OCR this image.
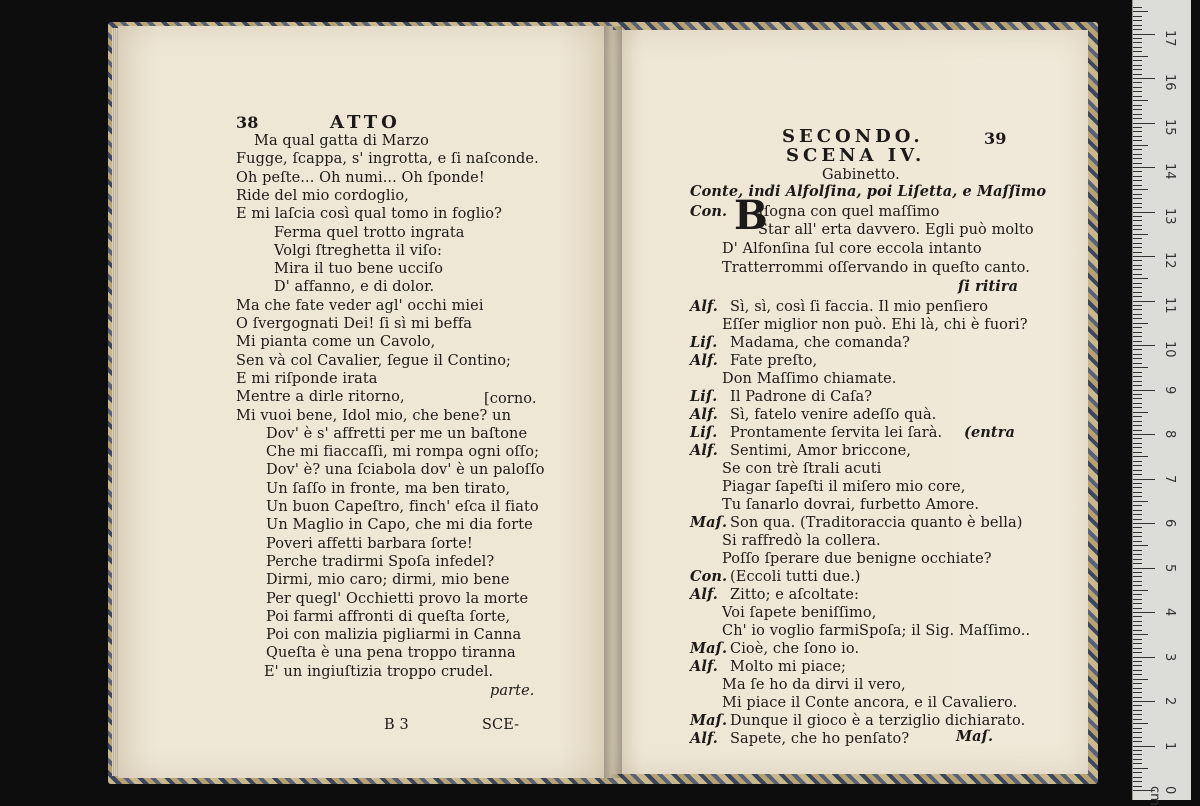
38	ATTO
Ma qual gatta di Marzo
Fugge, ſcappa, s' ingrotta, e ſi naſconde.
Oh peſte... Oh numi... Oh ſponde!
Ride del mio cordoglio,
E mi laſcia così qual tomo in foglio?
Ferma quel trotto ingrata
Volgi ſtreghetta il viſo:
Mira il tuo bene ucciſo
D' affanno, e di dolor.
Ma che fate veder agl' occhi miei
O ſvergognati Dei! ſi sì mi beffa
Mi pianta come un Cavolo,
Sen và col Cavalier, ſegue il Contino;
E mi riſponde irata
Mentre a dirle ritorno,
Mi vuoi bene, Idol mio, che bene? un
Dov' è s' affretti per me un baſtone
Che mi fiaccaſſi, mi rompa ogni oſſo;
Dov' è? una ſciabola dov' è un paloſſo
Un ſaſſo in fronte, ma ben tirato,
Un buon Capeſtro, finch' eſca il fiato
Un Maglio in Capo, che mi dia forte
Poveri affetti barbara ſorte!
Perche tradirmi Spoſa infedel?
Dirmi, mio caro; dirmi, mio bene
Per quegl' Occhietti provo la morte
Poi farmi affronti di queſta ſorte,
Poi con malizia pigliarmi in Canna
Queſta è una pena troppo tiranna
E' un ingiuſtizia troppo crudel.
[corno.
parte.
B 3	SCE-
SECONDO.	39
SCENA IV.
Gabinetto.
Conte, indi Alfolſina, poi Liſetta, e Maſſimo
Con. B
Iſogna con quel maſſimo
Star all' erta davvero. Egli può molto
D' Alfonſina ſul core eccola intanto
Tratterrommi oſſervando in queſto canto.
ſi ritira
Alf. Sì, sì, così ſi faccia. Il mio penſiero
Eſſer miglior non può. Ehi là, chi è fuori?
Liſ. Madama, che comanda?
Alf. Fate preſto,
Don Maſſimo chiamate.
Liſ. Il Padrone di Caſa?
Alf. Sì, fatelo venire adeſſo quà.
Liſ. Prontamente ſervita lei ſarà.
Alf. Sentimi, Amor briccone,
Se con trè ſtrali acuti
Piagar ſapeſti il miſero mio core,
Tu ſanarlo dovrai, furbetto Amore.
Maſ. Son qua. (Traditoraccia quanto è bella)
Si raffredò la collera.
Poſſo ſperare due benigne occhiate?
Con. (Eccoli tutti due.)
Alf. Zitto; e aſcoltate:
Voi ſapete beniſſimo,
Ch' io voglio farmiSpoſa; il Sig. Maſſimo..
Maſ. Cioè, che ſono io.
Alf. Molto mi piace;
Ma ſe ho da dirvi il vero,
Mi piace il Conte ancora, e il Cavaliero.
Maſ. Dunque il gioco è a terziglio dichiarato.
Alf. Sapete, che ho penſato?
(entra
Maſ.
0 cm
1
2
3
4
5
6
7
8
9
10
11
12
13
14
15
16
17
